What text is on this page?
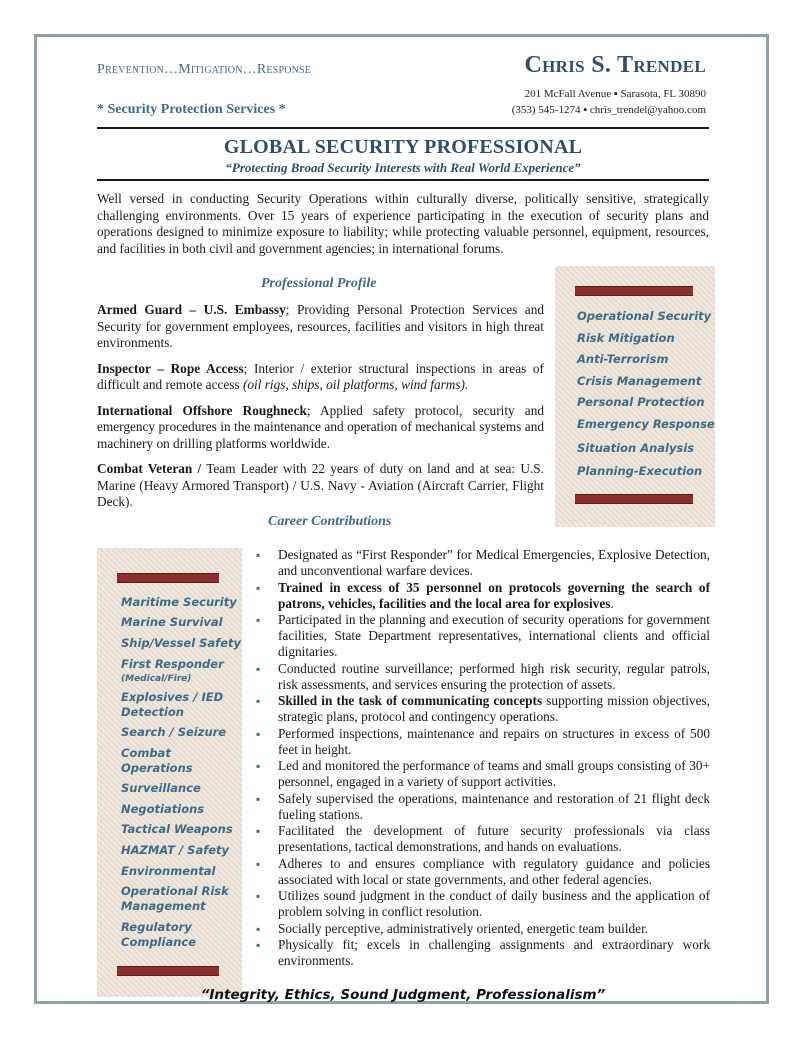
Prevention…Mitigation…Response
* Security Protection Services *
Chris S. Trendel
201 McFall Avenue ▪ Sarasota, FL 30890
(353) 545-1274 ▪ chris_trendel@yahoo.com
GLOBAL SECURITY PROFESSIONAL
“Protecting Broad Security Interests with Real World Experience”
Well versed in conducting Security Operations within culturally diverse, politically sensitive, strategically challenging environments. Over 15 years of experience participating in the execution of security plans and operations designed to minimize exposure to liability; while protecting valuable personnel, equipment, resources, and facilities in both civil and government agencies; in international forums.
Professional Profile
Armed Guard – U.S. Embassy; Providing Personal Protection Services and Security for government employees, resources, facilities and visitors in high threat environments.
Inspector – Rope Access; Interior / exterior structural inspections in areas of difficult and remote access (oil rigs, ships, oil platforms, wind farms).
International Offshore Roughneck; Applied safety protocol, security and emergency procedures in the maintenance and operation of mechanical systems and machinery on drilling platforms worldwide.
Combat Veteran / Team Leader with 22 years of duty on land and at sea: U.S. Marine (Heavy Armored Transport) / U.S. Navy - Aviation (Aircraft Carrier, Flight Deck).
Operational Security
Risk Mitigation
Anti-Terrorism
Crisis Management
Personal Protection
Emergency Response
Situation Analysis
Planning-Execution
Career Contributions
Maritime Security
Marine Survival
Ship/Vessel Safety
First Responder
(Medical/Fire)
Explosives / IED
Detection
Search / Seizure
Combat
Operations
Surveillance
Negotiations
Tactical Weapons
HAZMAT / Safety
Environmental
Operational Risk
Management
Regulatory
Compliance
▪ Designated as “First Responder” for Medical Emergencies, Explosive Detection, and unconventional warfare devices.
▪ Trained in excess of 35 personnel on protocols governing the search of patrons, vehicles, facilities and the local area for explosives.
▪ Participated in the planning and execution of security operations for government facilities, State Department representatives, international clients and official dignitaries.
▪ Conducted routine surveillance; performed high risk security, regular patrols, risk assessments, and services ensuring the protection of assets.
▪ Skilled in the task of communicating concepts supporting mission objectives, strategic plans, protocol and contingency operations.
▪ Performed inspections, maintenance and repairs on structures in excess of 500 feet in height.
▪ Led and monitored the performance of teams and small groups consisting of 30+ personnel, engaged in a variety of support activities.
▪ Safely supervised the operations, maintenance and restoration of 21 flight deck fueling stations.
▪ Facilitated the development of future security professionals via class presentations, tactical demonstrations, and hands on evaluations.
▪ Adheres to and ensures compliance with regulatory guidance and policies associated with local or state governments, and other federal agencies.
▪ Utilizes sound judgment in the conduct of daily business and the application of problem solving in conflict resolution.
▪ Socially perceptive, administratively oriented, energetic team builder.
▪ Physically fit; excels in challenging assignments and extraordinary work environments.
“Integrity, Ethics, Sound Judgment, Professionalism”
